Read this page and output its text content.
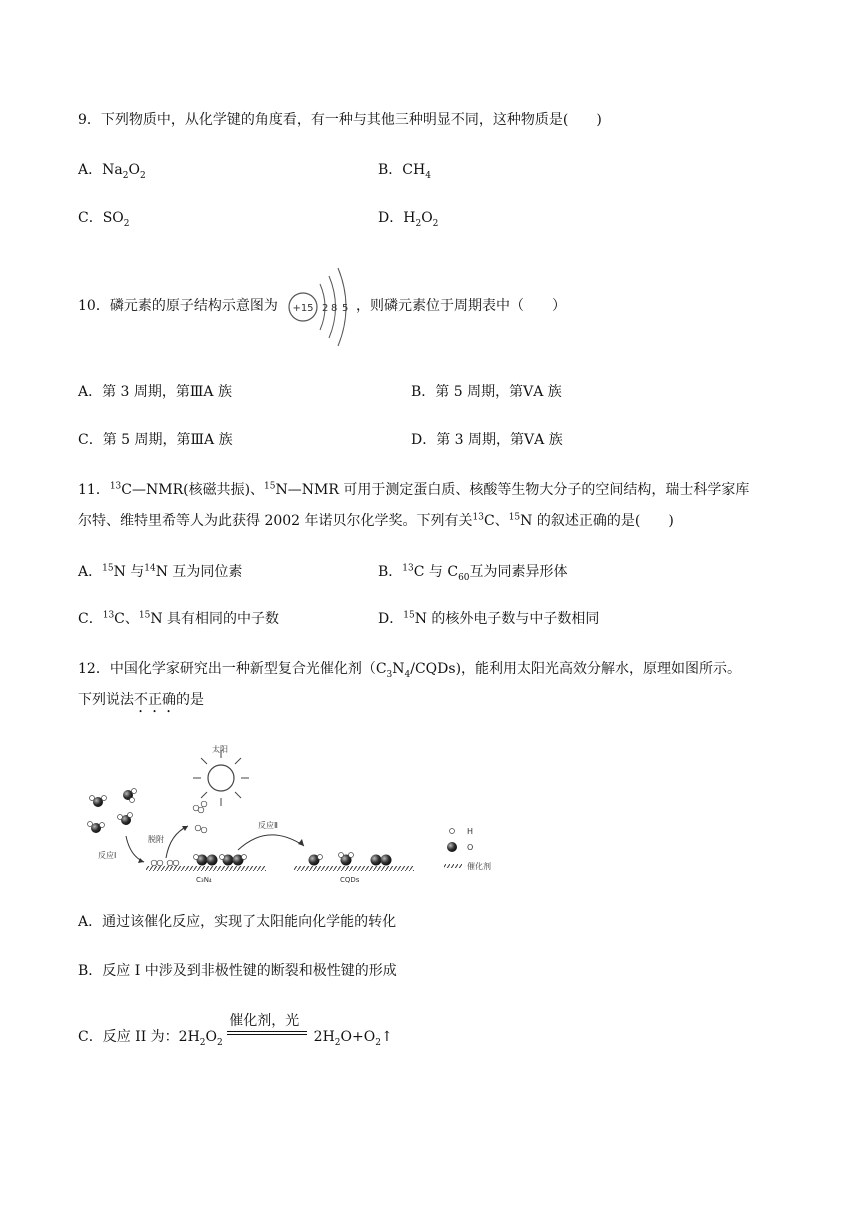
9．下列物质中，从化学键的角度看，有一种与其他三种明显不同，这种物质是(　　)
A．$Na_2O_2$	B．$CH_4$
C．$SO_2$	D．$H_2O_2$
10．磷元素的原子结构示意图为 +15 2 8 5 ，则磷元素位于周期表中（　　）
A．第 3 周期，第ⅢA 族	B．第 5 周期，第ⅤA 族
C．第 5 周期，第ⅢA 族	D．第 3 周期，第ⅤA 族
11．$^{13}$C—NMR(核磁共振)、$^{15}$N—NMR 可用于测定蛋白质、核酸等生物大分子的空间结构，瑞士科学家库
尔特、维特里希等人为此获得 2002 年诺贝尔化学奖。下列有关$^{13}$C、$^{15}$N 的叙述正确的是(　　)
A．$^{15}$N 与$^{14}$N 互为同位素	B．$^{13}$C 与 $C_{60}$互为同素异形体
C．$^{13}$C、$^{15}$N 具有相同的中子数	D．$^{15}$N 的核外电子数与中子数相同
12．中国化学家研究出一种新型复合光催化剂$(C_3N_4/CQDs)$，能利用太阳光高效分解水，原理如图所示。
下列说法不正确的是
太阳
反应Ⅰ
脱附
反应Ⅱ
C₃N₄	CQDs
H
O
催化剂
A．通过该催化反应，实现了太阳能向化学能的转化
B．反应 I 中涉及到非极性键的断裂和极性键的形成
C．反应 II 为：$2H_2O_2$
催化剂，光
$2H_2O+O_2↑$
